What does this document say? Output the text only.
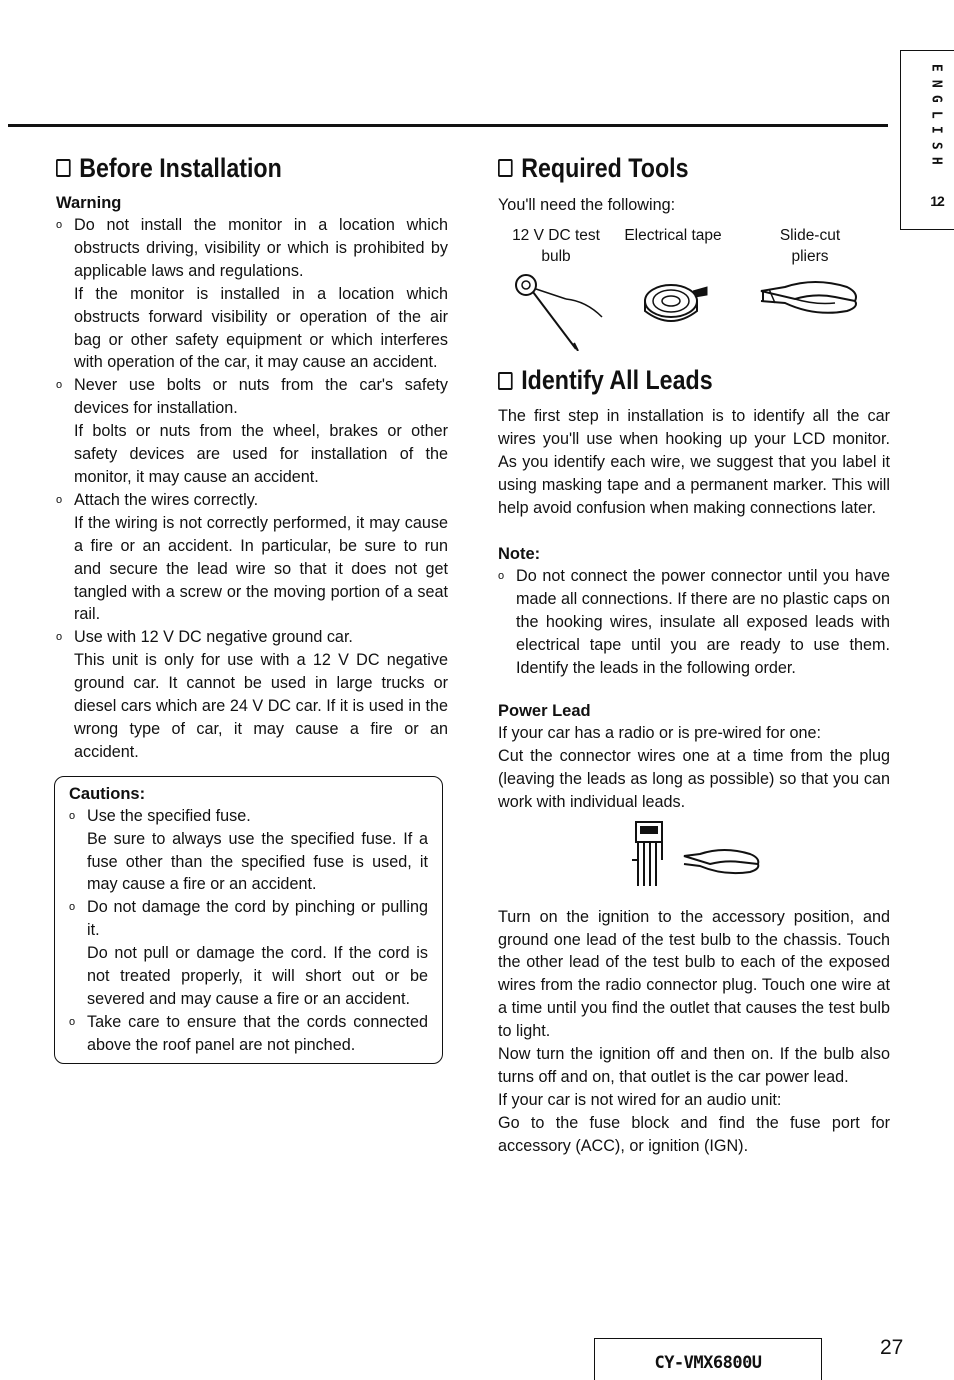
E
N
G
L
I
S
H
12
Before Installation
Warning
o Do not install the monitor in a location which obstructs driving, visibility or which is prohibited by applicable laws and regulations.

If the monitor is installed in a location which obstructs forward visibility or operation of the air bag or other safety equipment or which interferes with operation of the car, it may cause an accident.

o Never use bolts or nuts from the car's safety devices for installation.

If bolts or nuts from the wheel, brakes or other safety devices are used for installation of the monitor, it may cause an accident.

o Attach the wires correctly.

If the wiring is not correctly performed, it may cause a fire or an accident. In particular, be sure to run and secure the lead wire so that it does not get tangled with a screw or the moving portion of a seat rail.

o Use with 12 V DC negative ground car.

This unit is only for use with a 12 V DC negative ground car. It cannot be used in large trucks or diesel cars which are 24 V DC car. If it is used in the wrong type of car, it may cause a fire or an accident.

Cautions:
o Use the specified fuse.

Be sure to always use the specified fuse. If a fuse other than the specified fuse is used, it may cause a fire or an accident.

o Do not damage the cord by pinching or pulling it.

Do not pull or damage the cord. If the cord is not treated properly, it will short out or be severed and may cause a fire or an accident.

o Take care to ensure that the cords connected above the roof panel are not pinched.

Required Tools

You'll need the following:

12 V DC test
bulb
Electrical tape	Slide-cut
pliers
Identify All Leads

The first step in installation is to identify all the car wires you'll use when hooking up your LCD monitor. As you identify each wire, we suggest that you label it using masking tape and a permanent marker. This will help avoid confusion when making connections later.

Note:
o Do not connect the power connector until you have made all connections. If there are no plastic caps on the hooking wires, insulate all exposed leads with electrical tape until you are ready to use them. Identify the leads in the following order.

Power Lead

If your car has a radio or is pre-wired for one:

Cut the connector wires one at a time from the plug (leaving the leads as long as possible) so that you can work with individual leads.

Turn on the ignition to the accessory position, and ground one lead of the test bulb to the chassis. Touch the other lead of the test bulb to each of the exposed wires from the radio connector plug. Touch one wire at a time until you find the outlet that causes the test bulb to light.

Now turn the ignition off and then on. If the bulb also turns off and on, that outlet is the car power lead.

If your car is not wired for an audio unit:

Go to the fuse block and find the fuse port for accessory (ACC), or ignition (IGN).

CY-VMX6800U
27
